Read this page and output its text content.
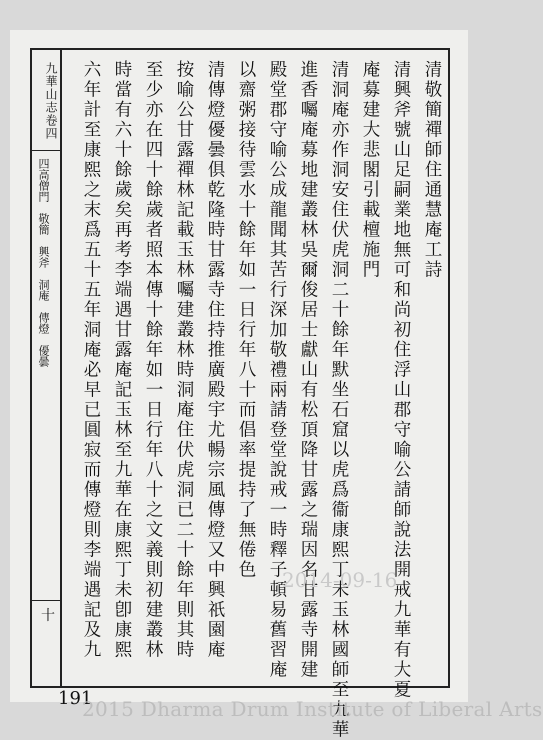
九華山志卷四
四高僧門　敬簡　興斧　洞庵　傳燈　優曇
十
清敬簡禪師住通慧庵工詩
清興斧號山足嗣業地無可和尚初住浮山郡守喻公請師說法開戒九華有大夏
庵募建大悲閣引載檀施門
清洞庵亦作洞安住伏虎洞二十餘年默坐石窟以虎爲衞康熙丁未玉林國師至九華
進香囑庵募地建叢林吳爾俊居士獻山有松頂降甘露之瑞因名甘露寺開建
殿堂郡守喻公成龍聞其苦行深加敬禮兩請登堂說戒一時釋子頓易舊習庵
以齋粥接待雲水十餘年如一日行年八十而倡率提持了無倦色
清傳燈優曇俱乾隆時甘露寺住持推廣殿宇尤暢宗風傳燈又中興祇園庵
按喻公甘露禪林記載玉林囑建叢林時洞庵住伏虎洞已二十餘年則其時
至少亦在四十餘歲者照本傳十餘年如一日行年八十之文義則初建叢林
時當有六十餘歲矣再考李端遇甘露庵記玉林至九華在康熙丁未卽康熙
六年計至康熙之末爲五十五年洞庵必早已圓寂而傳燈則李端遇記及九	2014-09-16
191
2015 Dharma Drum Institute of Liberal Arts
